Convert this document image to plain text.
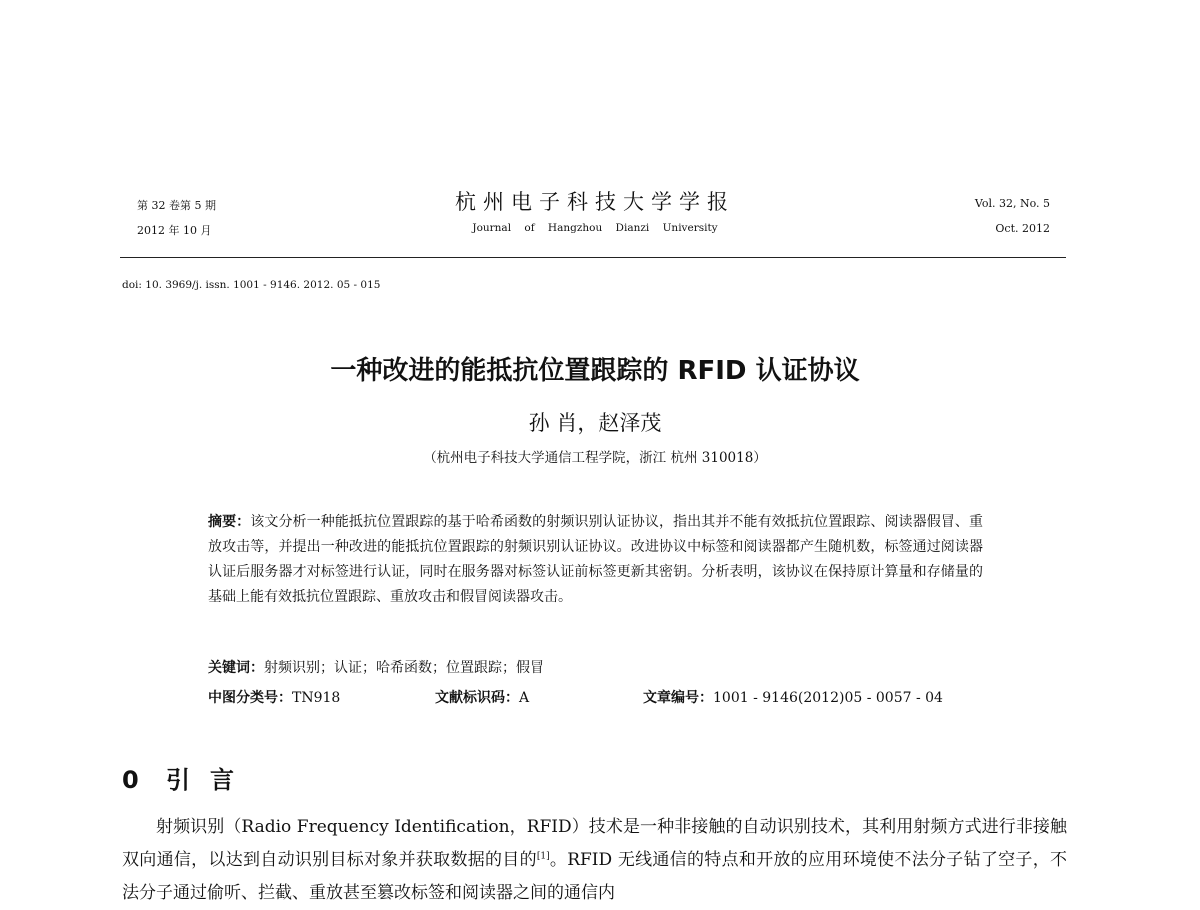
第 32 卷第 5 期
2012 年 10 月
杭州电子科技大学学报
Journal of Hangzhou Dianzi University
Vol. 32, No. 5
Oct. 2012
doi: 10. 3969/j. issn. 1001 - 9146. 2012. 05 - 015
一种改进的能抵抗位置跟踪的 RFID 认证协议
孙 肖，赵泽茂
（杭州电子科技大学通信工程学院，浙江 杭州 310018）
摘要：该文分析一种能抵抗位置跟踪的基于哈希函数的射频识别认证协议，指出其并不能有效抵抗位置跟踪、阅读器假冒、重放攻击等，并提出一种改进的能抵抗位置跟踪的射频识别认证协议。改进协议中标签和阅读器都产生随机数，标签通过阅读器认证后服务器才对标签进行认证，同时在服务器对标签认证前标签更新其密钥。分析表明，该协议在保持原计算量和存储量的基础上能有效抵抗位置跟踪、重放攻击和假冒阅读器攻击。
关键词：射频识别；认证；哈希函数；位置跟踪；假冒
中图分类号：TN918	文献标识码：A	文章编号：1001 - 9146(2012)05 - 0057 - 04
0 引言
射频识别（Radio Frequency Identification，RFID）技术是一种非接触的自动识别技术，其利用射频方式进行非接触双向通信，以达到自动识别目标对象并获取数据的目的[1]。RFID 无线通信的特点和开放的应用环境使不法分子钻了空子，不法分子通过偷听、拦截、重放甚至篡改标签和阅读器之间的通信内
